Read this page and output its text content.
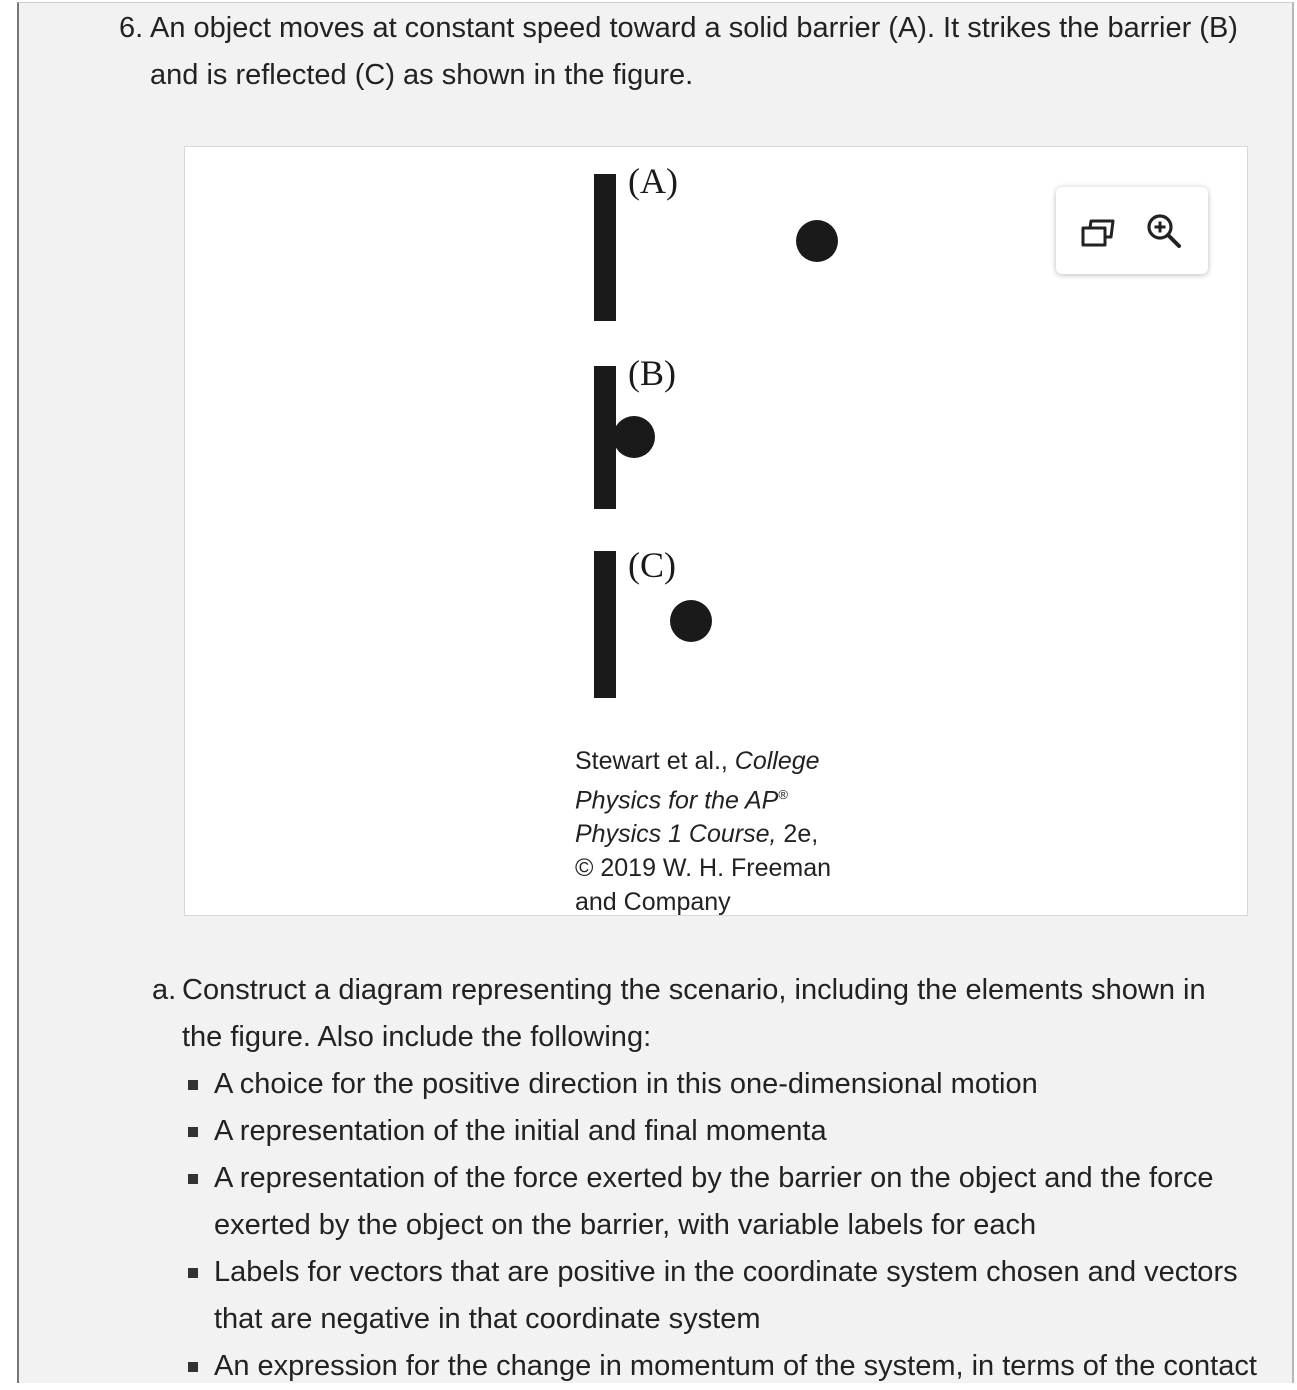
6. An object moves at constant speed toward a solid barrier (A). It strikes the barrier (B)
and is reflected (C) as shown in the figure.
(A)
(B)
(C)
Stewart et al., College
Physics for the AP®
Physics 1 Course, 2e,
© 2019 W. H. Freeman
and Company
a. Construct a diagram representing the scenario, including the elements shown in
the figure. Also include the following:
A choice for the positive direction in this one-dimensional motion
A representation of the initial and final momenta
A representation of the force exerted by the barrier on the object and the force
exerted by the object on the barrier, with variable labels for each
Labels for vectors that are positive in the coordinate system chosen and vectors
that are negative in that coordinate system
An expression for the change in momentum of the system, in terms of the contact
